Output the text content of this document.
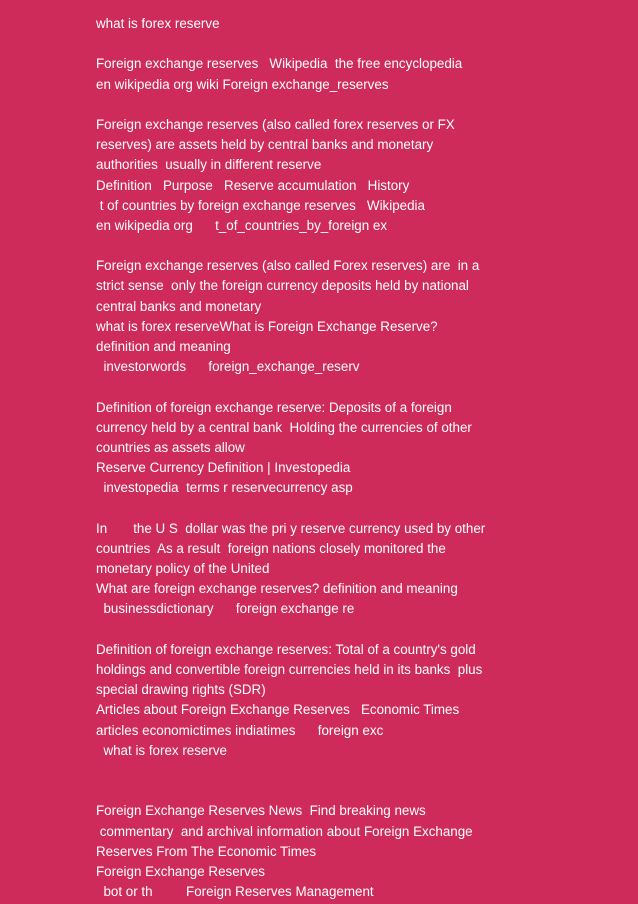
what is forex reserve
Foreign exchange reserves   Wikipedia  the free encyclopedia
en wikipedia org wiki Foreign exchange_reserves
Foreign exchange reserves (also called forex reserves or FX
reserves) are assets held by central banks and monetary
authorities  usually in different reserve
Definition   Purpose   Reserve accumulation   History
t of countries by foreign exchange reserves   Wikipedia
en wikipedia org      t_of_countries_by_foreign ex
Foreign exchange reserves (also called Forex reserves) are  in a
strict sense  only the foreign currency deposits held by national
central banks and monetary
what is forex reserveWhat is Foreign Exchange Reserve?
definition and meaning
investorwords      foreign_exchange_reserv
Definition of foreign exchange reserve: Deposits of a foreign
currency held by a central bank  Holding the currencies of other
countries as assets allow
Reserve Currency Definition | Investopedia
investopedia  terms r reservecurrency asp
In       the U S  dollar was the pri y reserve currency used by other
countries  As a result  foreign nations closely monitored the
monetary policy of the United
What are foreign exchange reserves? definition and meaning
businessdictionary      foreign exchange re
Definition of foreign exchange reserves: Total of a country's gold
holdings and convertible foreign currencies held in its banks  plus
special drawing rights (SDR)
Articles about Foreign Exchange Reserves   Economic Times
articles economictimes indiatimes      foreign exc
what is forex reserve
Foreign Exchange Reserves News  Find breaking news
commentary  and archival information about Foreign Exchange
Reserves From The Economic Times
Foreign Exchange Reserves
bot or th         Foreign Reserves Management
